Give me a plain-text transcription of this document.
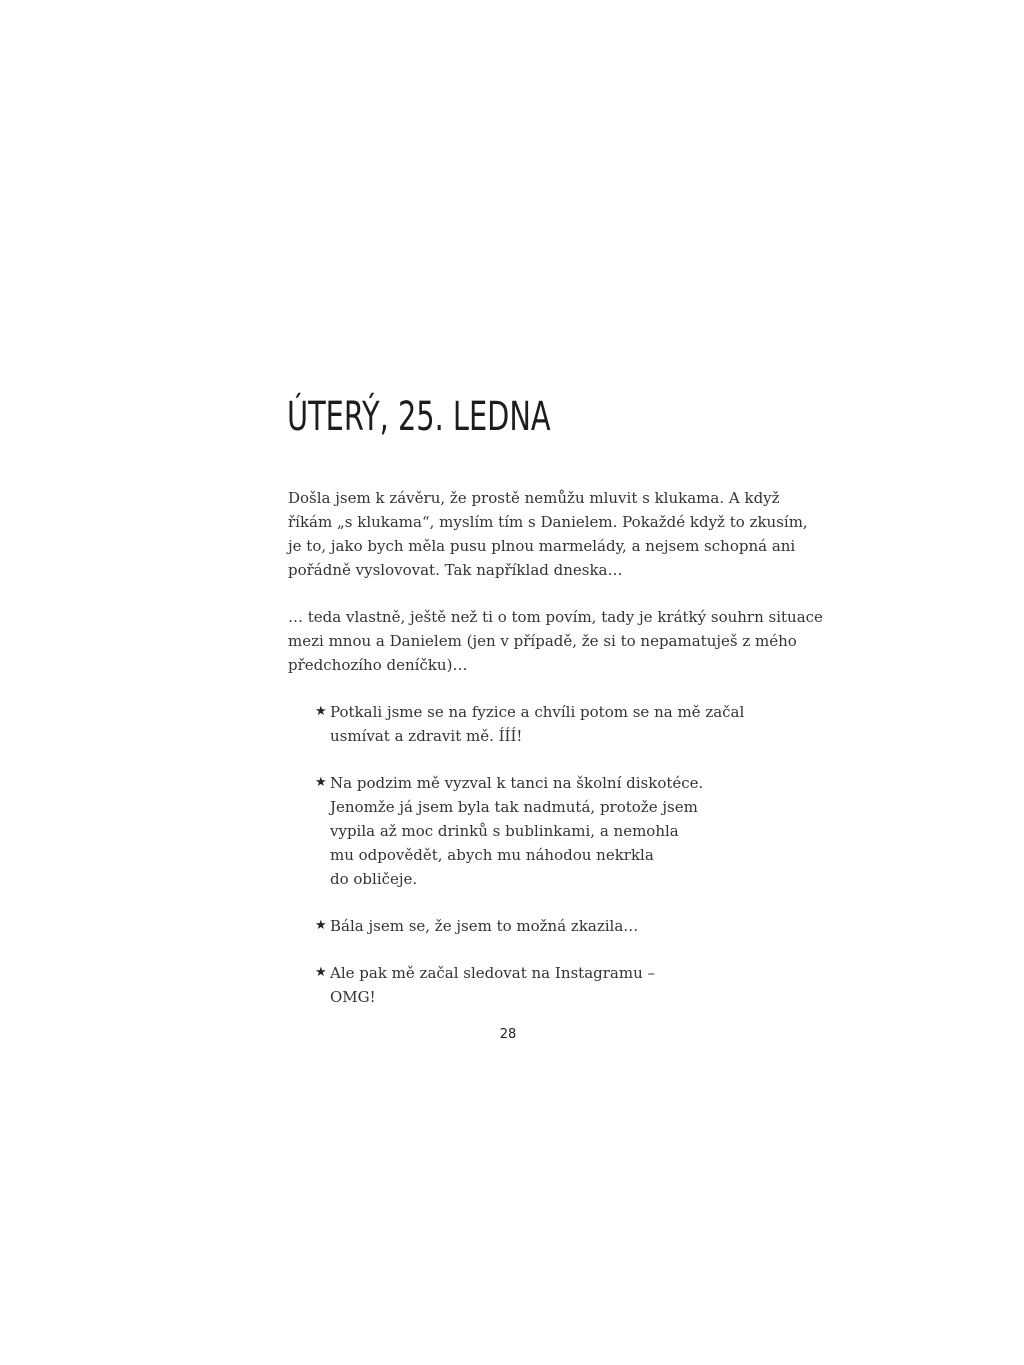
ÚTERÝ, 25. LEDNA

Došla jsem k závěru, že prostě nemůžu mluvit s klukama. A když
říkám „s klukama“, myslím tím s Danielem. Pokaždé když to zkusím,
je to, jako bych měla pusu plnou marmelády, a nejsem schopná ani
pořádně vyslovovat. Tak například dneska…

… teda vlastně, ještě než ti o tom povím, tady je krátký souhrn situace
mezi mnou a Danielem (jen v případě, že si to nepamatuješ z mého
předchozího deníčku)…

★ Potkali jsme se na fyzice a chvíli potom se na mě začal
usmívat a zdravit mě. ÍÍÍ!
★ Na podzim mě vyzval k tanci na školní diskotéce.
Jenomže já jsem byla tak nadmutá, protože jsem
vypila až moc drinků s bublinkami, a nemohla
mu odpovědět, abych mu náhodou nekrkla
do obličeje.
★ Bála jsem se, že jsem to možná zkazila…
★ Ale pak mě začal sledovat na Instagramu –
OMG!
28
